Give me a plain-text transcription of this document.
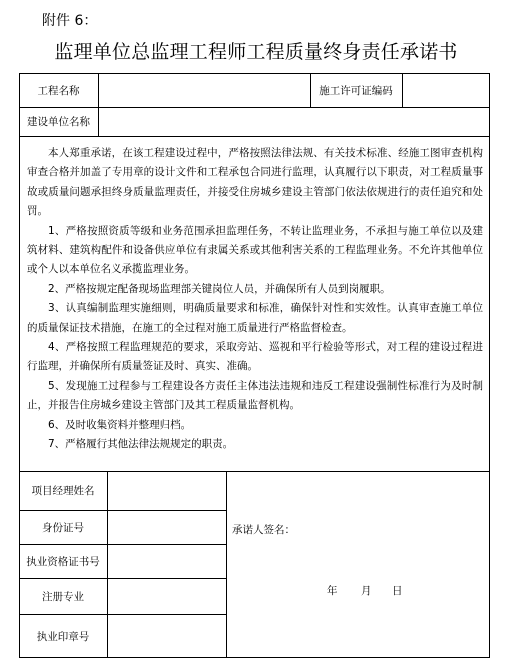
附件 6：
监理单位总监理工程师工程质量终身责任承诺书
工程名称	施工许可证编码
建设单位名称

本人郑重承诺，在该工程建设过程中，严格按照法律法规、有关技术标准、经施工图审查机构审查合格并加盖了专用章的设计文件和工程承包合同进行监理，认真履行以下职责，对工程质量事故或质量问题承担终身质量监理责任，并接受住房城乡建设主管部门依法依规进行的责任追究和处罚。

1、严格按照资质等级和业务范围承担监理任务，不转让监理业务，不承担与施工单位以及建筑材料、建筑构配件和设备供应单位有隶属关系或其他利害关系的工程监理业务。不允许其他单位或个人以本单位名义承揽监理业务。

2、严格按规定配备现场监理部关键岗位人员，并确保所有人员到岗履职。

3、认真编制监理实施细则，明确质量要求和标准，确保针对性和实效性。认真审查施工单位的质量保证技术措施，在施工的全过程对施工质量进行严格监督检查。

4、严格按照工程监理规范的要求，采取旁站、巡视和平行检验等形式，对工程的建设过程进行监理，并确保所有质量签证及时、真实、准确。

5、发现施工过程参与工程建设各方责任主体违法违规和违反工程建设强制性标准行为及时制止，并报告住房城乡建设主管部门及其工程质量监督机构。

6、及时收集资料并整理归档。

7、严格履行其他法律法规规定的职责。

项目经理姓名
身份证号
执业资格证书号
注册专业
执业印章号
承诺人签名：
年 月 日
